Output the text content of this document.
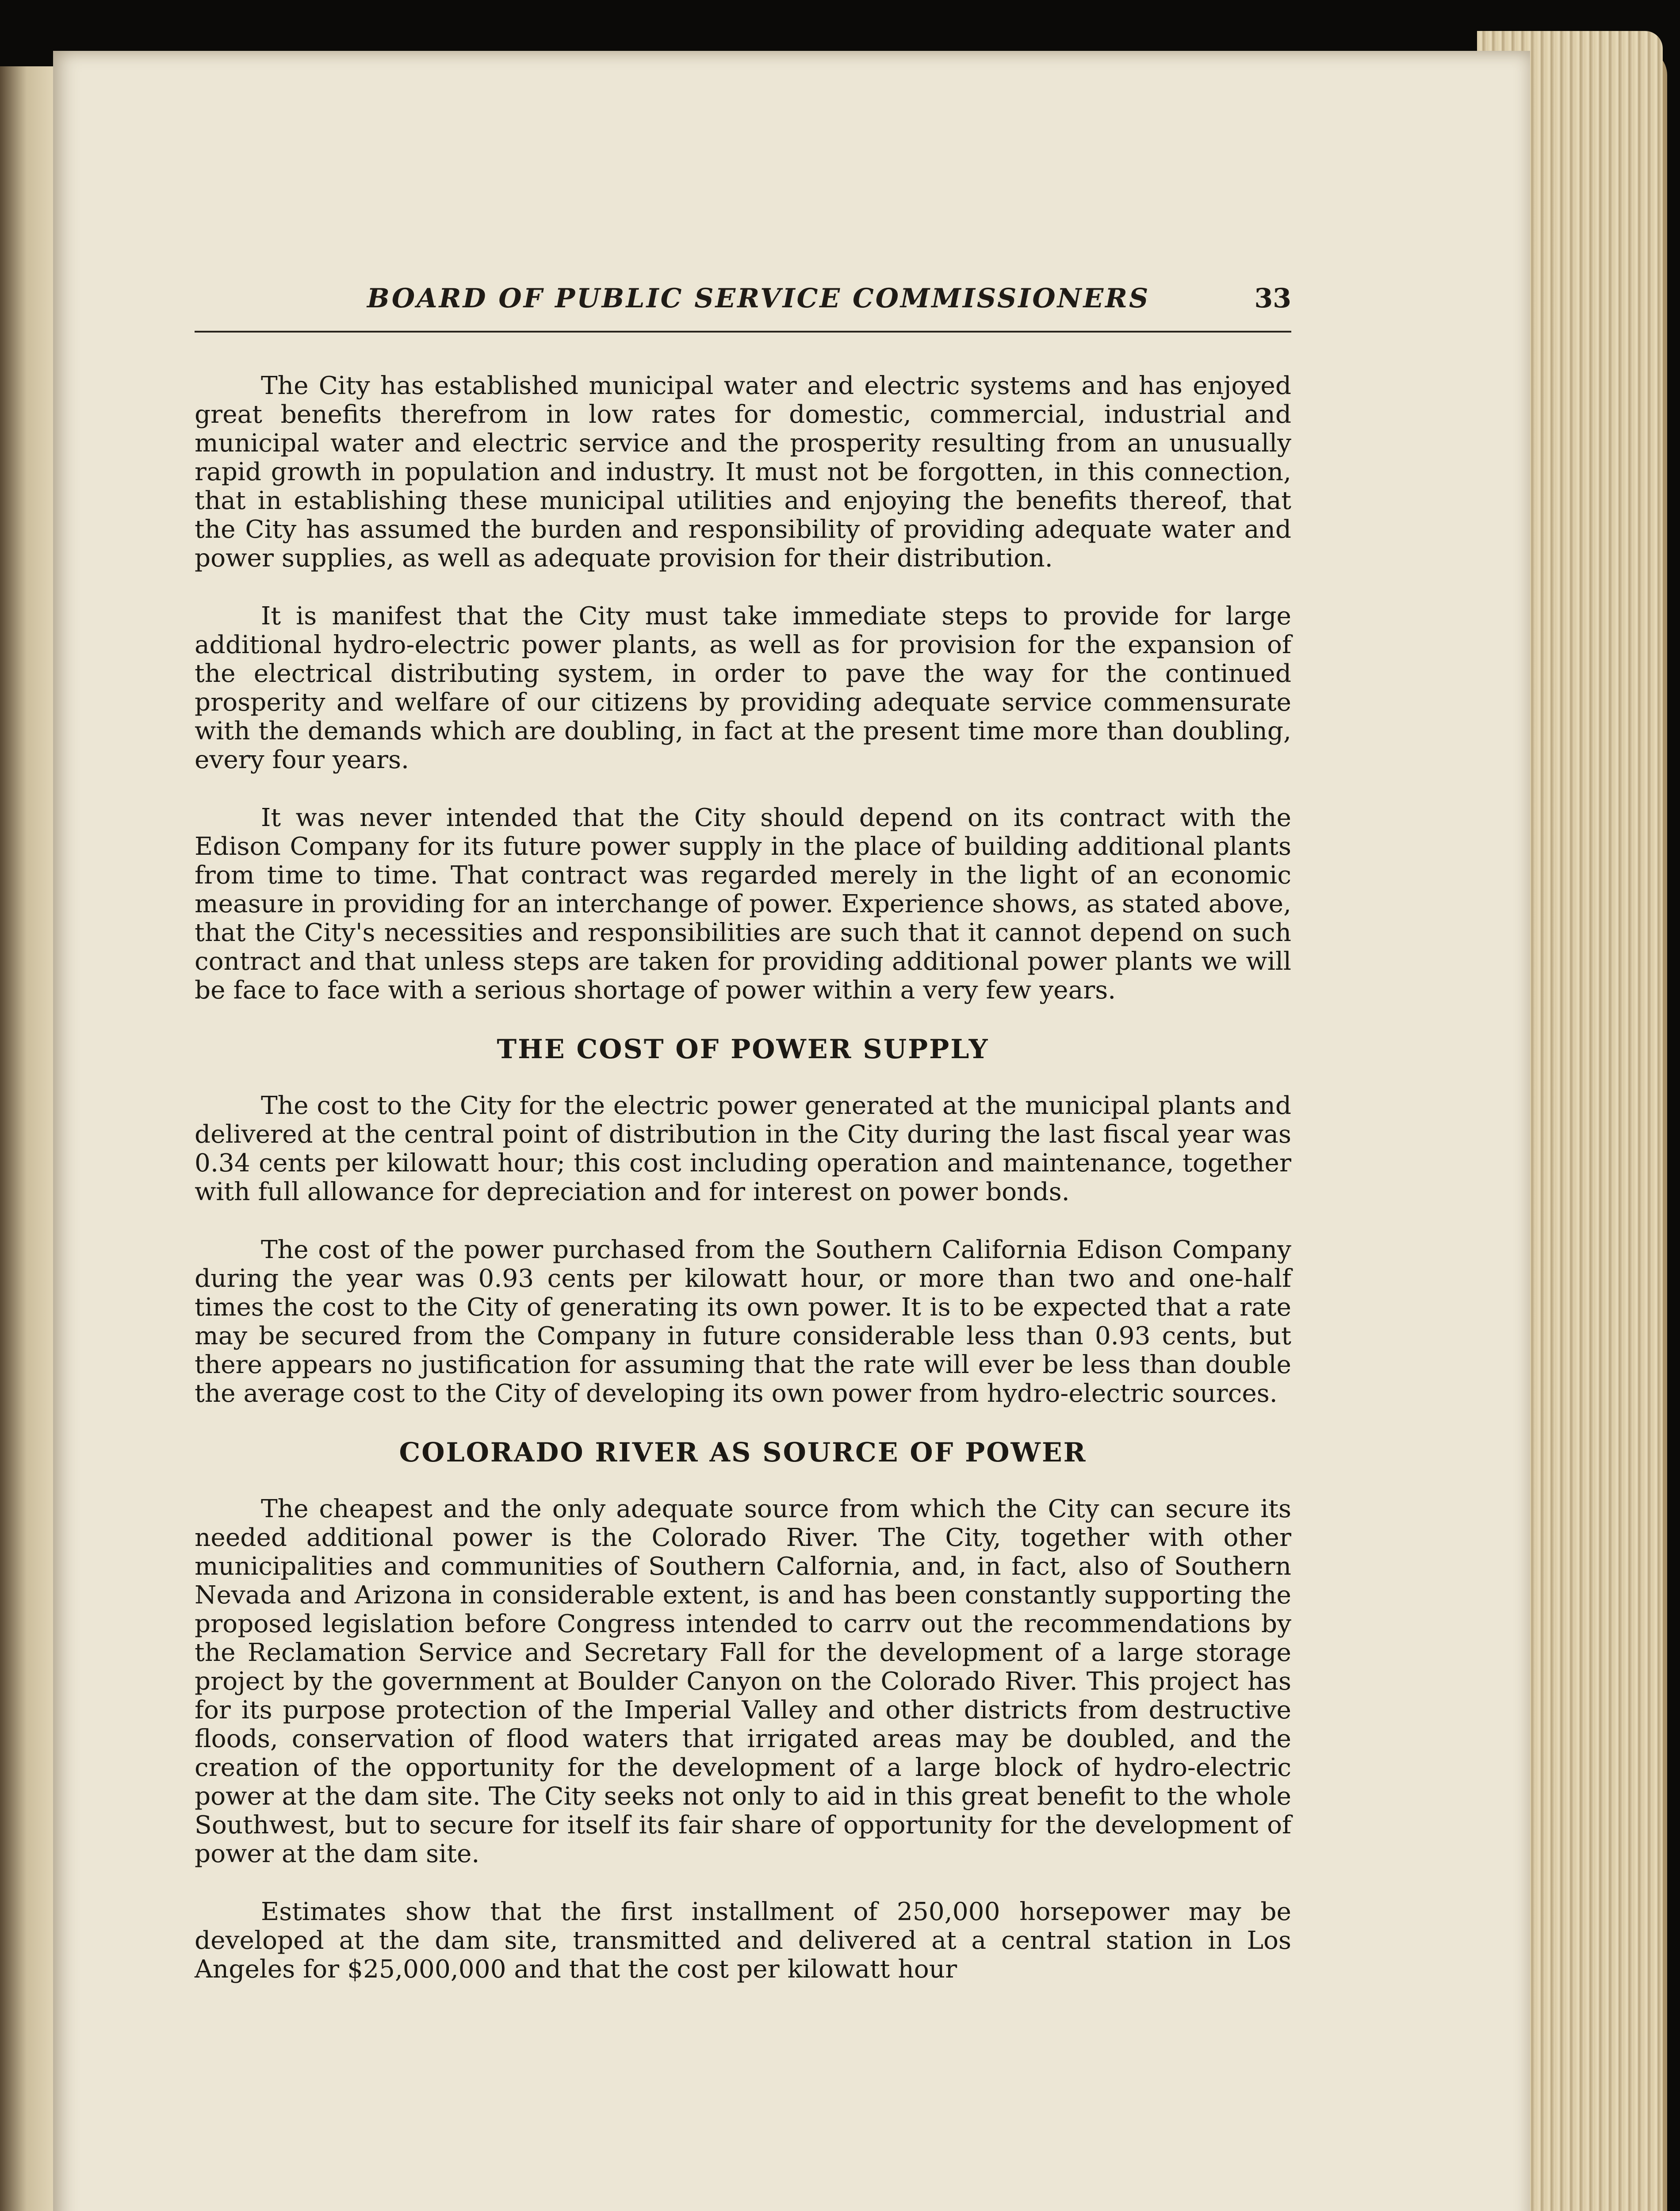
BOARD OF PUBLIC SERVICE COMMISSIONERS	33

The City has established municipal water and electric systems and has enjoyed great benefits therefrom in low rates for domestic, commercial, industrial and municipal water and electric service and the prosperity resulting from an unusually rapid growth in population and industry. It must not be forgotten, in this connection, that in establishing these municipal utilities and enjoying the benefits thereof, that the City has assumed the burden and responsibility of providing adequate water and power supplies, as well as adequate provision for their distribution.

It is manifest that the City must take immediate steps to provide for large additional hydro-electric power plants, as well as for provision for the expansion of the electrical distributing system, in order to pave the way for the continued prosperity and welfare of our citizens by providing adequate service commensurate with the demands which are doubling, in fact at the present time more than doubling, every four years.

It was never intended that the City should depend on its contract with the Edison Company for its future power supply in the place of building additional plants from time to time. That contract was regarded merely in the light of an economic measure in providing for an interchange of power. Experience shows, as stated above, that the City's necessities and responsibilities are such that it cannot depend on such contract and that unless steps are taken for providing additional power plants we will be face to face with a serious shortage of power within a very few years.

THE COST OF POWER SUPPLY

The cost to the City for the electric power generated at the municipal plants and delivered at the central point of distribution in the City during the last fiscal year was 0.34 cents per kilowatt hour; this cost including operation and maintenance, together with full allowance for depreciation and for interest on power bonds.

The cost of the power purchased from the Southern California Edison Company during the year was 0.93 cents per kilowatt hour, or more than two and one-half times the cost to the City of generating its own power. It is to be expected that a rate may be secured from the Company in future considerable less than 0.93 cents, but there appears no justification for assuming that the rate will ever be less than double the average cost to the City of developing its own power from hydro-electric sources.

COLORADO RIVER AS SOURCE OF POWER

The cheapest and the only adequate source from which the City can secure its needed additional power is the Colorado River. The City, together with other municipalities and communities of Southern Calfornia, and, in fact, also of Southern Nevada and Arizona in considerable extent, is and has been constantly supporting the proposed legislation before Congress intended to carrv out the recommendations by the Reclamation Service and Secretary Fall for the development of a large storage project by the government at Boulder Canyon on the Colorado River. This project has for its purpose protection of the Imperial Valley and other districts from destructive floods, conservation of flood waters that irrigated areas may be doubled, and the creation of the opportunity for the development of a large block of hydro-electric power at the dam site. The City seeks not only to aid in this great benefit to the whole Southwest, but to secure for itself its fair share of opportunity for the development of power at the dam site.

Estimates show that the first installment of 250,000 horsepower may be developed at the dam site, transmitted and delivered at a central station in Los Angeles for $25,000,000 and that the cost per kilowatt hour
